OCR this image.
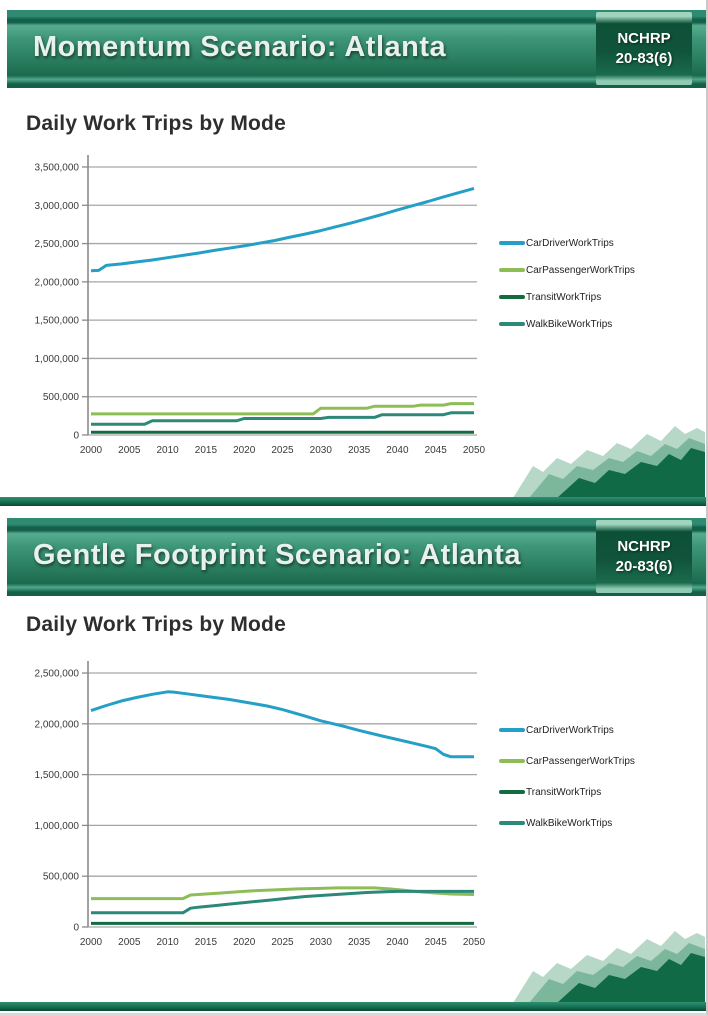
Momentum Scenario: Atlanta	NCHRP
20-83(6)
Daily Work Trips by Mode
0
500,000
1,000,000
1,500,000
2,000,000
2,500,000
3,000,000
3,500,000
2000 2005 2010 2015 2020 2025 2030 2035 2040 2045 2050
CarDriverWorkTrips
CarPassengerWorkTrips
TransitWorkTrips
WalkBikeWorkTrips
Gentle Footprint Scenario: Atlanta	NCHRP
20-83(6)
Daily Work Trips by Mode
0
500,000
1,000,000
1,500,000
2,000,000
2,500,000
2000 2005 2010 2015 2020 2025 2030 2035 2040 2045 2050
CarDriverWorkTrips
CarPassengerWorkTrips
TransitWorkTrips
WalkBikeWorkTrips
